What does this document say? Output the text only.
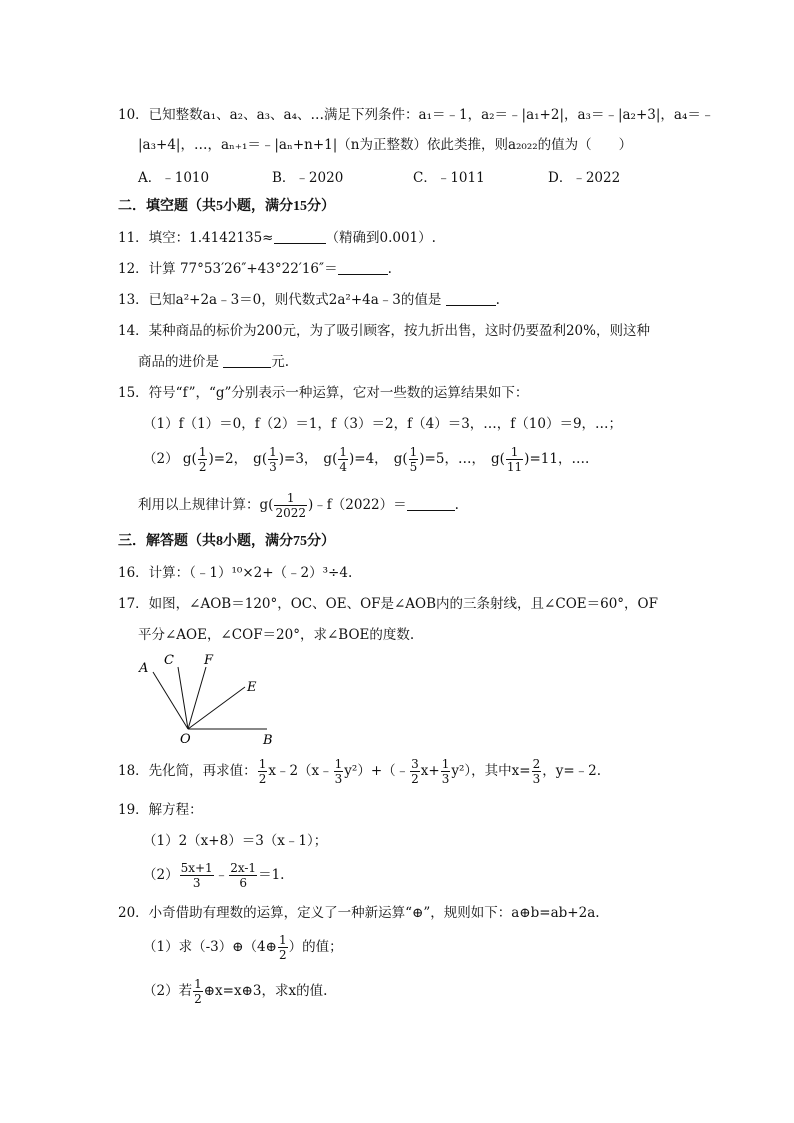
10．已知整数a₁、a₂、a₃、a₄、…满足下列条件：a₁＝﹣1，a₂＝﹣|a₁+2|，a₃＝﹣|a₂+3|，a₄＝﹣
|a₃+4|，…，aₙ₊₁＝﹣|aₙ+n+1|（n为正整数）依此类推，则a₂₀₂₂的值为（　　）
A．﹣1010	B．﹣2020	C．﹣1011	D．﹣2022
二．填空题（共5小题，满分15分）
11．填空：1.4142135≈	（精确到0.001）.
12．计算 77°53′26″+43°22′16″＝	.
13．已知a²+2a﹣3＝0，则代数式2a²+4a﹣3的值是	.
14．某种商品的标价为200元，为了吸引顾客，按九折出售，这时仍要盈利20%，则这种
商品的进价是	元.
15．符号“f”，“g”分别表示一种运算，它对一些数的运算结果如下：
（1）f（1）＝0，f（2）＝1，f（3）＝2，f（4）＝3，…，f（10）＝9，…；
（2） $g( \frac{1}{2} )=2$， $g( \frac{1}{3} )=3$， $g( \frac{1}{4} )=4$， $g( \frac{1}{5} )=5$，…， $g( \frac{1}{11} )=11$，….
利用以上规律计算：$g( \frac{1}{2022}$ )﹣f（2022）＝	.
三．解答题（共8小题，满分75分）
16．计算：（﹣1）¹⁰×2+（﹣2）³÷4.
17．如图，∠AOB＝120°，OC、OE、OF是∠AOB内的三条射线，且∠COE＝60°，OF
平分∠AOE，∠COF＝20°，求∠BOE的度数.
A
C F
E
O	B
18．先化简，再求值： $\frac{1}{2}$ x﹣2（x﹣ $\frac{1}{3}$ y²）+（﹣ $\frac{3}{2} x+ \frac{1}{3} y^2$），其中$x= \frac{2}{3}$ ，y=﹣2.
19．解方程：
（1）2（x+8）＝3（x﹣1）；
$(2) \frac{5x+1}{3}$ ﹣ $\frac{2x-1}{6} =1$.
20．小奇借助有理数的运算，定义了一种新运算“⊕”，规则如下：a⊕b=ab+2a.
（1）求（-3）⊕（4⊕ $\frac{1}{2}$ ）的值；
（2）若 $\frac{1}{2}$ ⊕x=x⊕3，求x的值.
